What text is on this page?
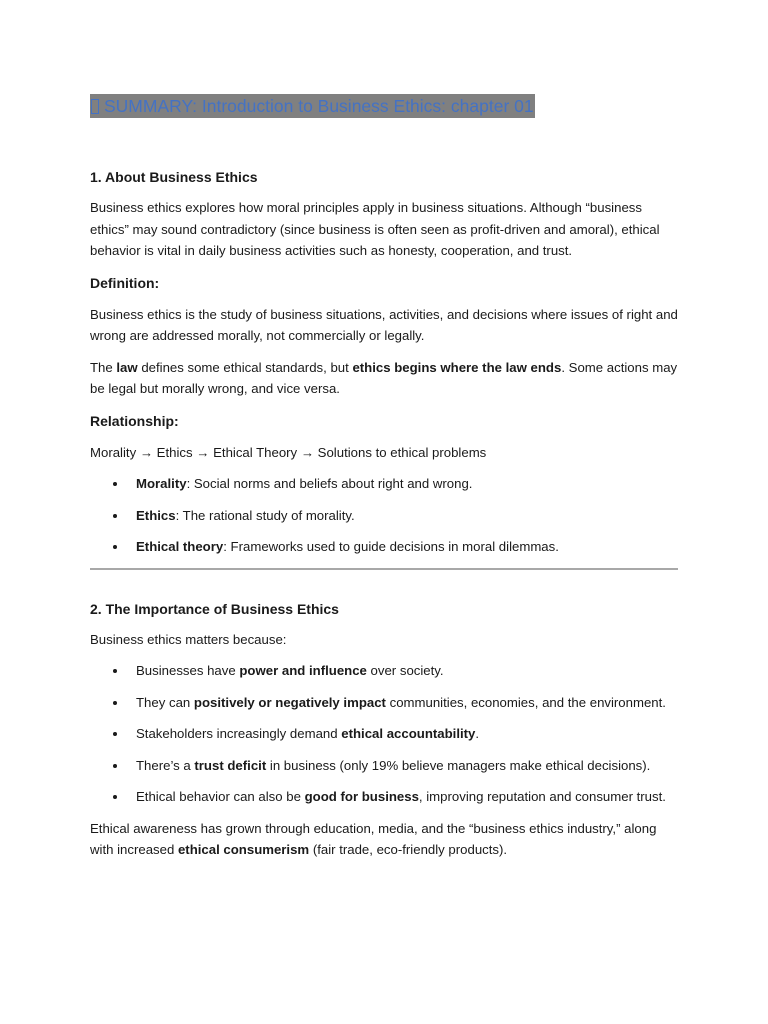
SUMMARY: Introduction to Business Ethics: chapter 01
1. About Business Ethics

Business ethics explores how moral principles apply in business situations. Although “business ethics” may sound contradictory (since business is often seen as profit-driven and amoral), ethical behavior is vital in daily business activities such as honesty, cooperation, and trust.

Definition:

Business ethics is the study of business situations, activities, and decisions where issues of right and wrong are addressed morally, not commercially or legally.

The law defines some ethical standards, but ethics begins where the law ends. Some actions may be legal but morally wrong, and vice versa.

Relationship:

Morality → Ethics → Ethical Theory → Solutions to ethical problems

Morality: Social norms and beliefs about right and wrong.
Ethics: The rational study of morality.
Ethical theory: Frameworks used to guide decisions in moral dilemmas.
2. The Importance of Business Ethics

Business ethics matters because:

Businesses have power and influence over society.
They can positively or negatively impact communities, economies, and the environment.
Stakeholders increasingly demand ethical accountability.
There’s a trust deficit in business (only 19% believe managers make ethical decisions).
Ethical behavior can also be good for business, improving reputation and consumer trust.

Ethical awareness has grown through education, media, and the “business ethics industry,” along with increased ethical consumerism (fair trade, eco-friendly products).
